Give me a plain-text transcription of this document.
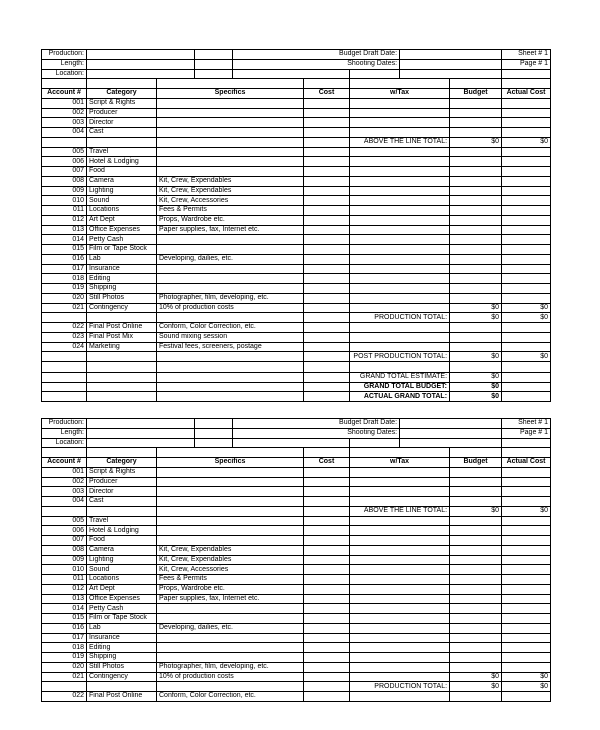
Production:				Budget Draft Date:					Sheet # 1
Length:				Shooting Dates:					Page # 1
Location:									

Account #	Category	Specifics			Cost	w/Tax		Budget	Actual Cost
001	Script & Rights								
002	Producer								
003	Director								
004	Cast								
						ABOVE THE LINE TOTAL:		$0	$0
005	Travel								
006	Hotel & Lodging								
007	Food								
008	Camera	Kit, Crew, Expendables							
009	Lighting	Kit, Crew, Expendables							
010	Sound	Kit, Crew, Accessories							
011	Locations	Fees & Permits							
012	Art Dept	Props, Wardrobe etc.							
013	Office Expenses	Paper supplies, fax, Internet etc.							
014	Petty Cash								
015	Film or Tape Stock								
016	Lab	Developing, dailies, etc.							
017	Insurance								
018	Editing								
019	Shipping								
020	Still Photos	Photographer, film, developing, etc.							
021	Contingency	10% of production costs						$0	$0
						PRODUCTION TOTAL:		$0	$0
022	Final Post Online	Conform, Color Correction, etc.							
023	Final Post Mix	Sound mixing session							
024	Marketing	Festival fees, screeners, postage							
						POST PRODUCTION TOTAL:		$0	$0

						GRAND TOTAL ESTIMATE:		$0	
						GRAND TOTAL BUDGET:		$0	
						ACTUAL GRAND TOTAL:		$0	
Production:				Budget Draft Date:					Sheet # 1
Length:				Shooting Dates:					Page # 1
Location:									

Account #	Category	Specifics			Cost	w/Tax		Budget	Actual Cost
001	Script & Rights								
002	Producer								
003	Director								
004	Cast								
						ABOVE THE LINE TOTAL:		$0	$0
005	Travel								
006	Hotel & Lodging								
007	Food								
008	Camera	Kit, Crew, Expendables							
009	Lighting	Kit, Crew, Expendables							
010	Sound	Kit, Crew, Accessories							
011	Locations	Fees & Permits							
012	Art Dept	Props, Wardrobe etc.							
013	Office Expenses	Paper supplies, fax, Internet etc.							
014	Petty Cash								
015	Film or Tape Stock								
016	Lab	Developing, dailies, etc.							
017	Insurance								
018	Editing								
019	Shipping								
020	Still Photos	Photographer, film, developing, etc.							
021	Contingency	10% of production costs						$0	$0
						PRODUCTION TOTAL:		$0	$0
022	Final Post Online	Conform, Color Correction, etc.							
